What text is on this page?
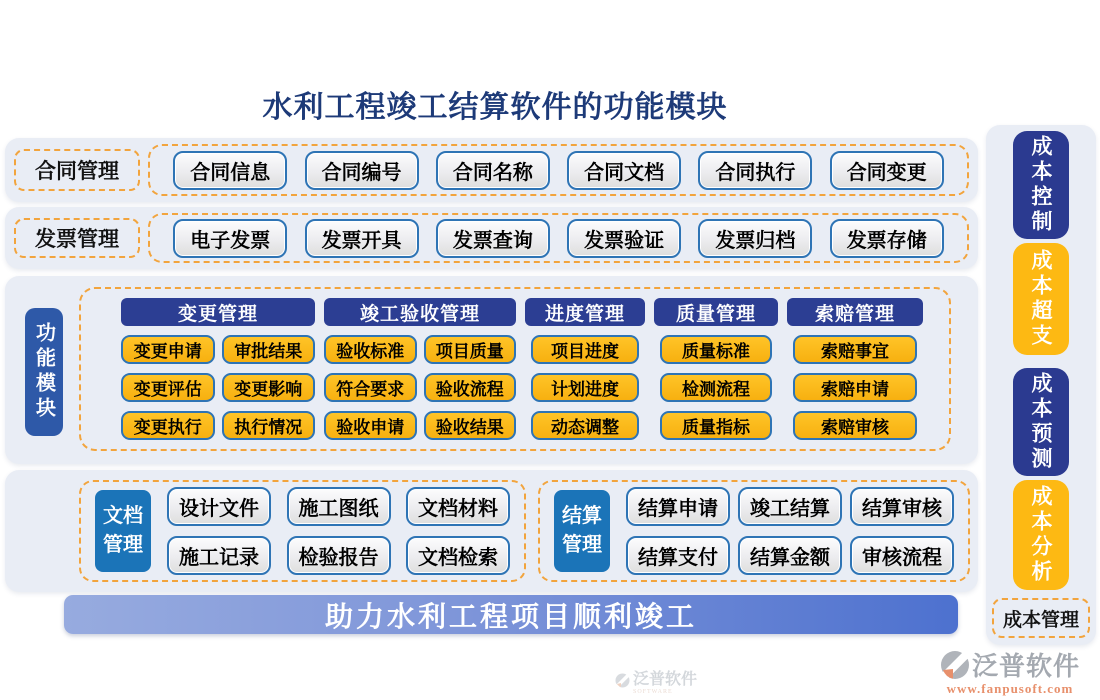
水利工程竣工结算软件的功能模块
合同管理	合同信息	合同编号	合同名称	合同文档	合同执行	合同变更
发票管理	电子发票	发票开具	发票查询	发票验证	发票归档	发票存储
功能模块
变更管理
变更申请	审批结果
变更评估	变更影响
变更执行	执行情况
竣工验收管理
验收标准	项目质量
符合要求	验收流程
验收申请	验收结果
进度管理
项目进度
计划进度
动态调整
质量管理
质量标准
检测流程
质量指标
索赔管理
索赔事宜
索赔申请
索赔审核
泛普软件
SOFTWARE
文档管理
设计文件	施工图纸	文档材料
施工记录	检验报告	文档检索
结算管理
结算申请	竣工结算	结算审核
结算支付	结算金额	审核流程
助力水利工程项目顺利竣工
成本控制
成本超支
成本预测
成本分析
成本管理
泛普软件
www.fanpusoft.com
